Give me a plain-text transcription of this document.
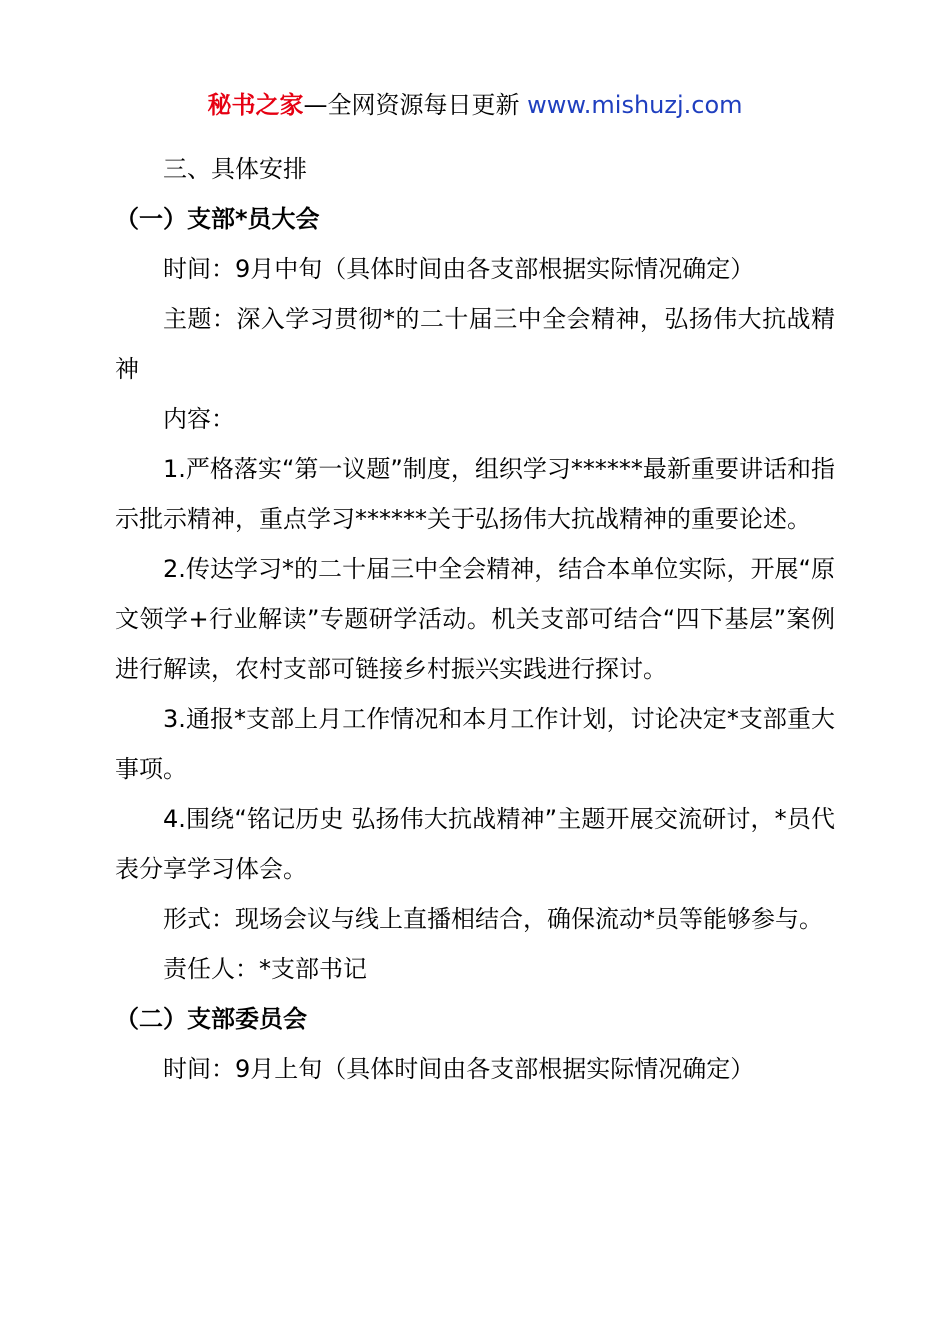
秘书之家—全网资源每日更新 www.mishuzj.com

三、具体安排

（一）支部*员大会

时间：9月中旬（具体时间由各支部根据实际情况确定）

主题：深入学习贯彻*的二十届三中全会精神，弘扬伟大抗战精神

内容：

1.严格落实“第一议题”制度，组织学习******最新重要讲话和指示批示精神，重点学习******关于弘扬伟大抗战精神的重要论述。

2.传达学习*的二十届三中全会精神，结合本单位实际，开展“原文领学+行业解读”专题研学活动。机关支部可结合“四下基层”案例进行解读，农村支部可链接乡村振兴实践进行探讨。

3.通报*支部上月工作情况和本月工作计划，讨论决定*支部重大事项。

4.围绕“铭记历史 弘扬伟大抗战精神”主题开展交流研讨，*员代表分享学习体会。

形式：现场会议与线上直播相结合，确保流动*员等能够参与。

责任人：*支部书记

（二）支部委员会

时间：9月上旬（具体时间由各支部根据实际情况确定）
